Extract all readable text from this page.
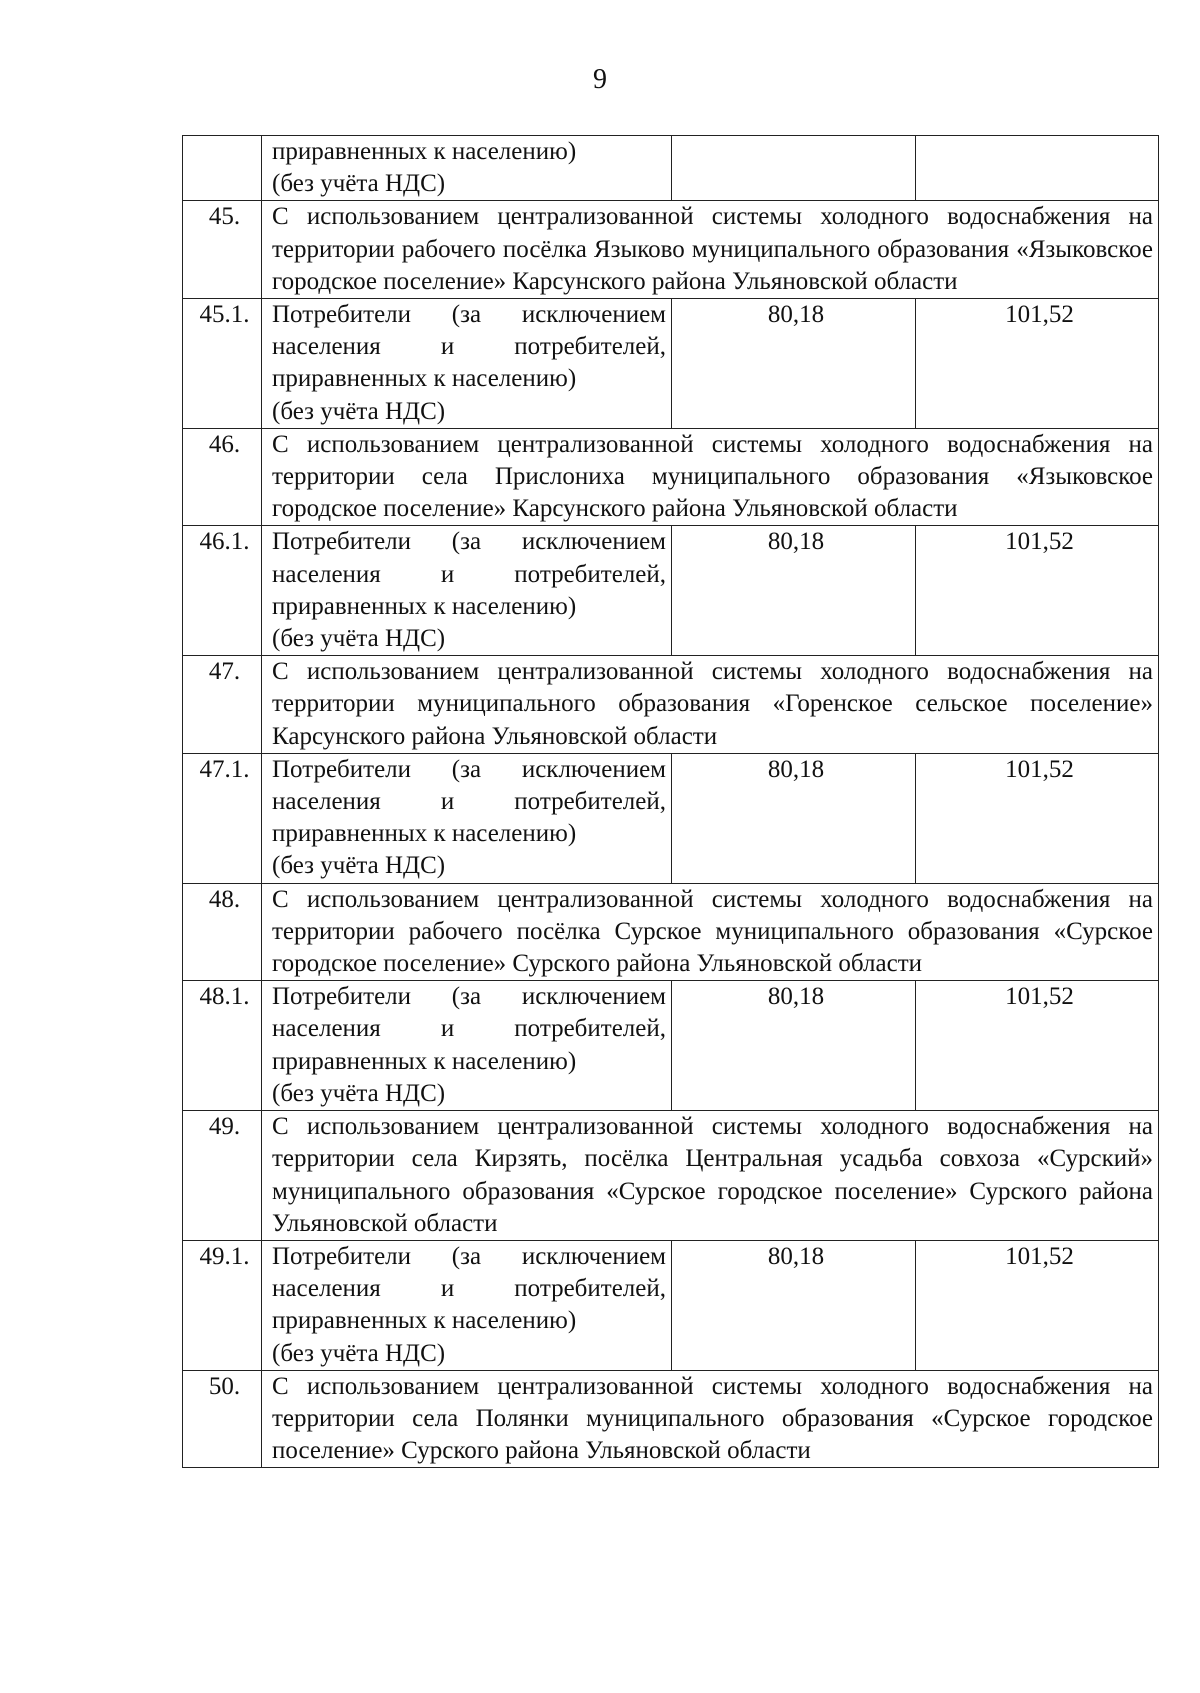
9

	приравненных к населению)
(без учёта НДС)		

45.	С использованием централизованной системы холодного водоснабжения на территории рабочего посёлка Языково муниципального образования «Языковское городское поселение» Карсунского района Ульяновской области		

45.1.	Потребители (за исключением
населения и потребителей,
приравненных к населению)
(без учёта НДС)	80,18	101,52
46.	С использованием централизованной системы холодного водоснабжения на территории села Прислониха муниципального образования «Языковское городское поселение» Карсунского района Ульяновской области		

46.1.	Потребители (за исключением
населения и потребителей,
приравненных к населению)
(без учёта НДС)	80,18	101,52
47.	С использованием централизованной системы холодного водоснабжения на территории муниципального образования «Горенское сельское поселение» Карсунского района Ульяновской области		

47.1.	Потребители (за исключением
населения и потребителей,
приравненных к населению)
(без учёта НДС)	80,18	101,52
48.	С использованием централизованной системы холодного водоснабжения на территории рабочего посёлка Сурское муниципального образования «Сурское городское поселение» Сурского района Ульяновской области		

48.1.	Потребители (за исключением
населения и потребителей,
приравненных к населению)
(без учёта НДС)	80,18	101,52
49.	С использованием централизованной системы холодного водоснабжения на территории села Кирзять, посёлка Центральная усадьба совхоза «Сурский» муниципального образования «Сурское городское поселение» Сурского района Ульяновской области		

49.1.	Потребители (за исключением
населения и потребителей,
приравненных к населению)
(без учёта НДС)	80,18	101,52
50.	С использованием централизованной системы холодного водоснабжения на территории села Полянки муниципального образования «Сурское городское поселение» Сурского района Ульяновской области		
